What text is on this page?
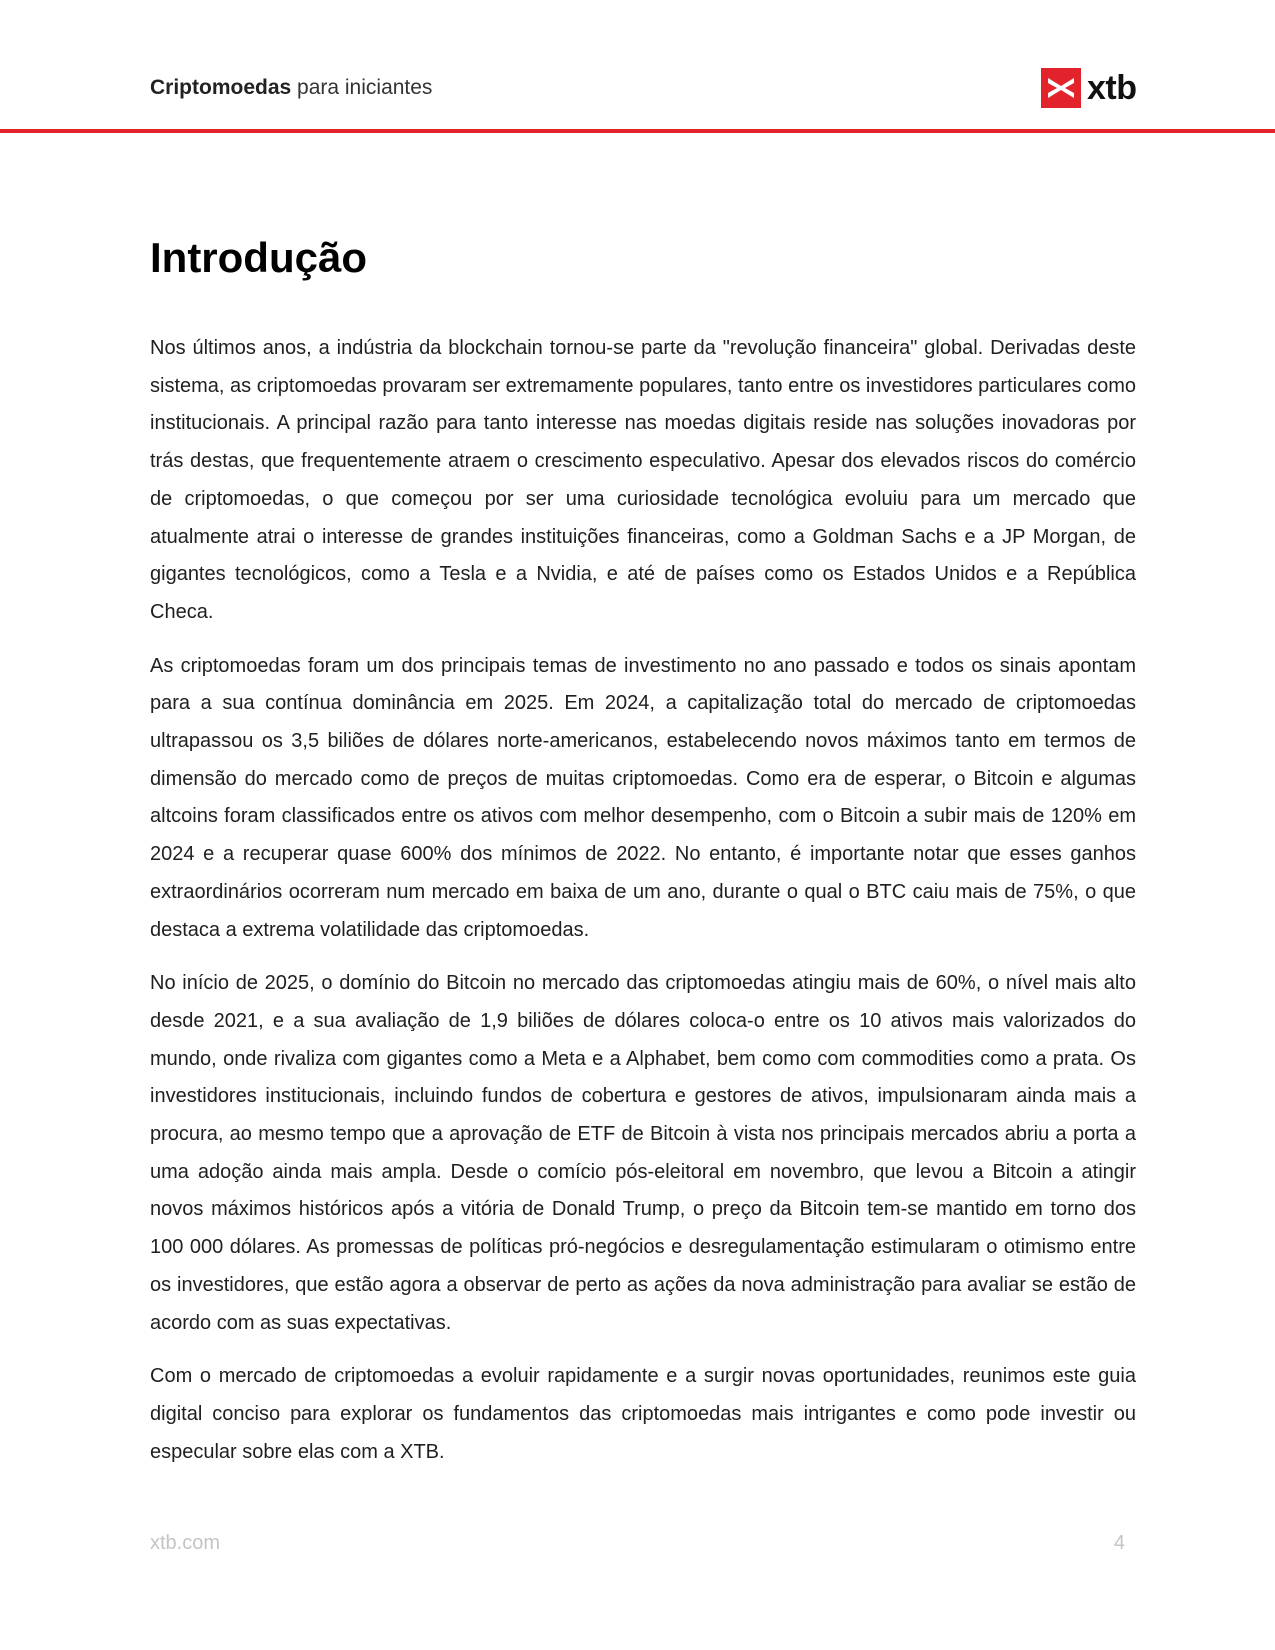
Criptomoedas para iniciantes	xtb
Introdução

Nos últimos anos, a indústria da blockchain tornou-se parte da "revolução financeira" global. Derivadas deste sistema, as criptomoedas provaram ser extremamente populares, tanto entre os investidores particulares como institucionais. A principal razão para tanto interesse nas moedas digitais reside nas soluções inovadoras por trás destas, que frequentemente atraem o crescimento especulativo. Apesar dos elevados riscos do comércio de criptomoedas, o que começou por ser uma curiosidade tecnológica evoluiu para um mercado que atualmente atrai o interesse de grandes instituições financeiras, como a Goldman Sachs e a JP Morgan, de gigantes tecnológicos, como a Tesla e a Nvidia, e até de países como os Estados Unidos e a República Checa.

As criptomoedas foram um dos principais temas de investimento no ano passado e todos os sinais apontam para a sua contínua dominância em 2025. Em 2024, a capitalização total do mercado de criptomoedas ultrapassou os 3,5 biliões de dólares norte-americanos, estabelecendo novos máximos tanto em termos de dimensão do mercado como de preços de muitas criptomoedas. Como era de esperar, o Bitcoin e algumas altcoins foram classificados entre os ativos com melhor desempenho, com o Bitcoin a subir mais de 120% em 2024 e a recuperar quase 600% dos mínimos de 2022. No entanto, é importante notar que esses ganhos extraordinários ocorreram num mercado em baixa de um ano, durante o qual o BTC caiu mais de 75%, o que destaca a extrema volatilidade das criptomoedas.

No início de 2025, o domínio do Bitcoin no mercado das criptomoedas atingiu mais de 60%, o nível mais alto desde 2021, e a sua avaliação de 1,9 biliões de dólares coloca-o entre os 10 ativos mais valorizados do mundo, onde rivaliza com gigantes como a Meta e a Alphabet, bem como com commodities como a prata. Os investidores institucionais, incluindo fundos de cobertura e gestores de ativos, impulsionaram ainda mais a procura, ao mesmo tempo que a aprovação de ETF de Bitcoin à vista nos principais mercados abriu a porta a uma adoção ainda mais ampla. Desde o comício pós-eleitoral em novembro, que levou a Bitcoin a atingir novos máximos históricos após a vitória de Donald Trump, o preço da Bitcoin tem-se mantido em torno dos 100 000 dólares. As promessas de políticas pró-negócios e desregulamentação estimularam o otimismo entre os investidores, que estão agora a observar de perto as ações da nova administração para avaliar se estão de acordo com as suas expectativas.

Com o mercado de criptomoedas a evoluir rapidamente e a surgir novas oportunidades, reunimos este guia digital conciso para explorar os fundamentos das criptomoedas mais intrigantes e como pode investir ou especular sobre elas com a XTB.

xtb.com	4
